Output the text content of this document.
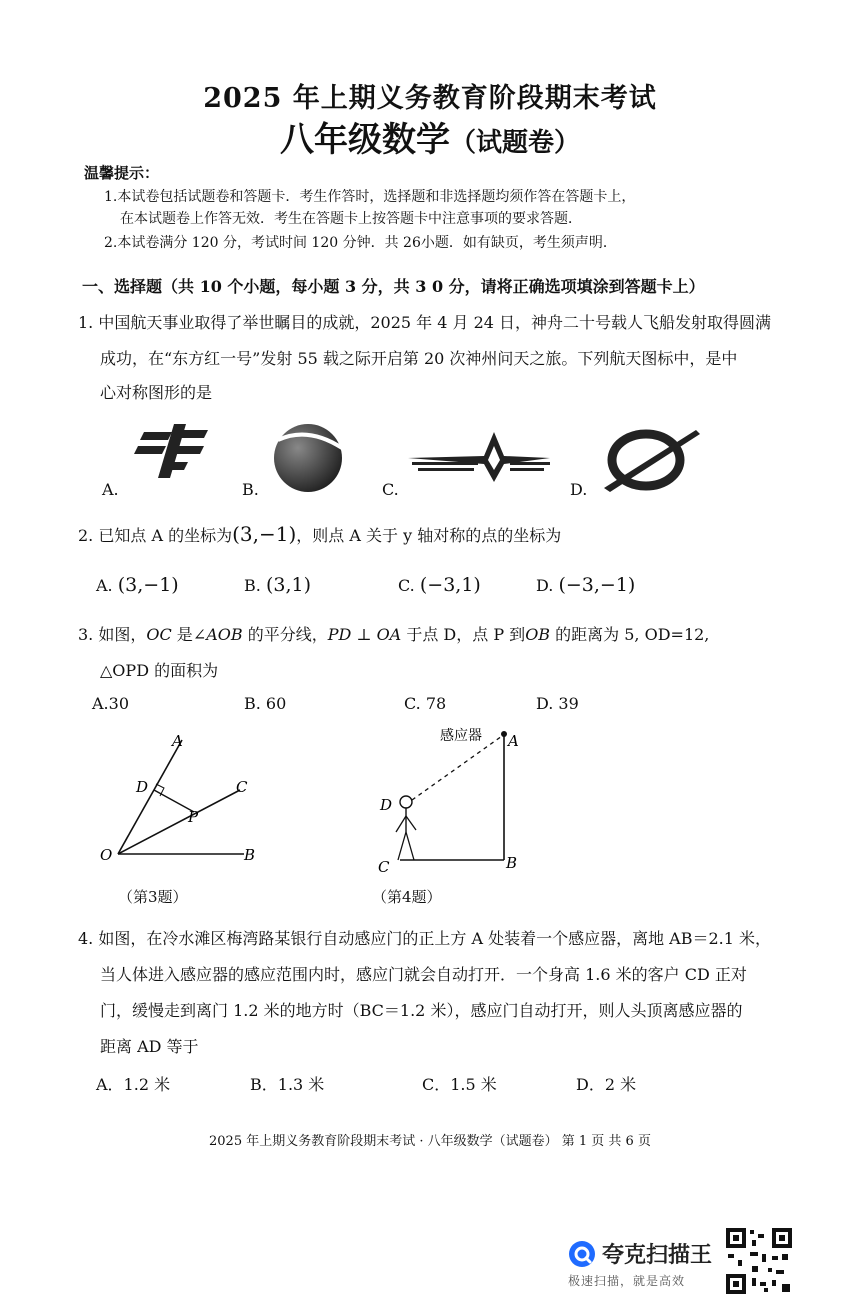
2025 年上期义务教育阶段期末考试
八年级数学（试题卷）
温馨提示：
1.本试卷包括试题卷和答题卡．考生作答时，选择题和非选择题均须作答在答题卡上，
在本试题卷上作答无效．考生在答题卡上按答题卡中注意事项的要求答题．
2.本试卷满分 120 分，考试时间 120 分钟．共 26小题．如有缺页，考生须声明．
一、选择题（共 10 个小题，每小题 3 分，共 3 0 分，请将正确选项填涂到答题卡上）
1. 中国航天事业取得了举世瞩目的成就，2025 年 4 月 24 日，神舟二十号载人飞船发射取得圆满
成功，在“东方红一号”发射 55 载之际开启第 20 次神州问天之旅。下列航天图标中，是中
心对称图形的是
A.	B.	C.	D.
2. 已知点 A 的坐标为(3,−1)，则点 A 关于 y 轴对称的点的坐标为
A. (3,−1)	B. (3,1)	C. (−3,1)	D. (−3,−1)
3. 如图，OC 是∠AOB 的平分线，PD ⊥ OA 于点 D，点 P 到OB 的距离为 5, OD=12,
△OPD 的面积为
A.30	B. 60	C. 78	D. 39
A
D	C
P
O	B
（第3题）
感应器 A
D
C	B
（第4题）
4. 如图，在冷水滩区梅湾路某银行自动感应门的正上方 A 处装着一个感应器，离地 AB＝2.1 米，
当人体进入感应器的感应范围内时，感应门就会自动打开．一个身高 1.6 米的客户 CD 正对
门，缓慢走到离门 1.2 米的地方时（BC＝1.2 米），感应门自动打开，则人头顶离感应器的
距离 AD 等于
A．1.2 米	B．1.3 米	C．1.5 米	D．2 米
2025 年上期义务教育阶段期末考试 · 八年级数学（试题卷） 第 1 页 共 6 页
夸克扫描王
极速扫描，就是高效
